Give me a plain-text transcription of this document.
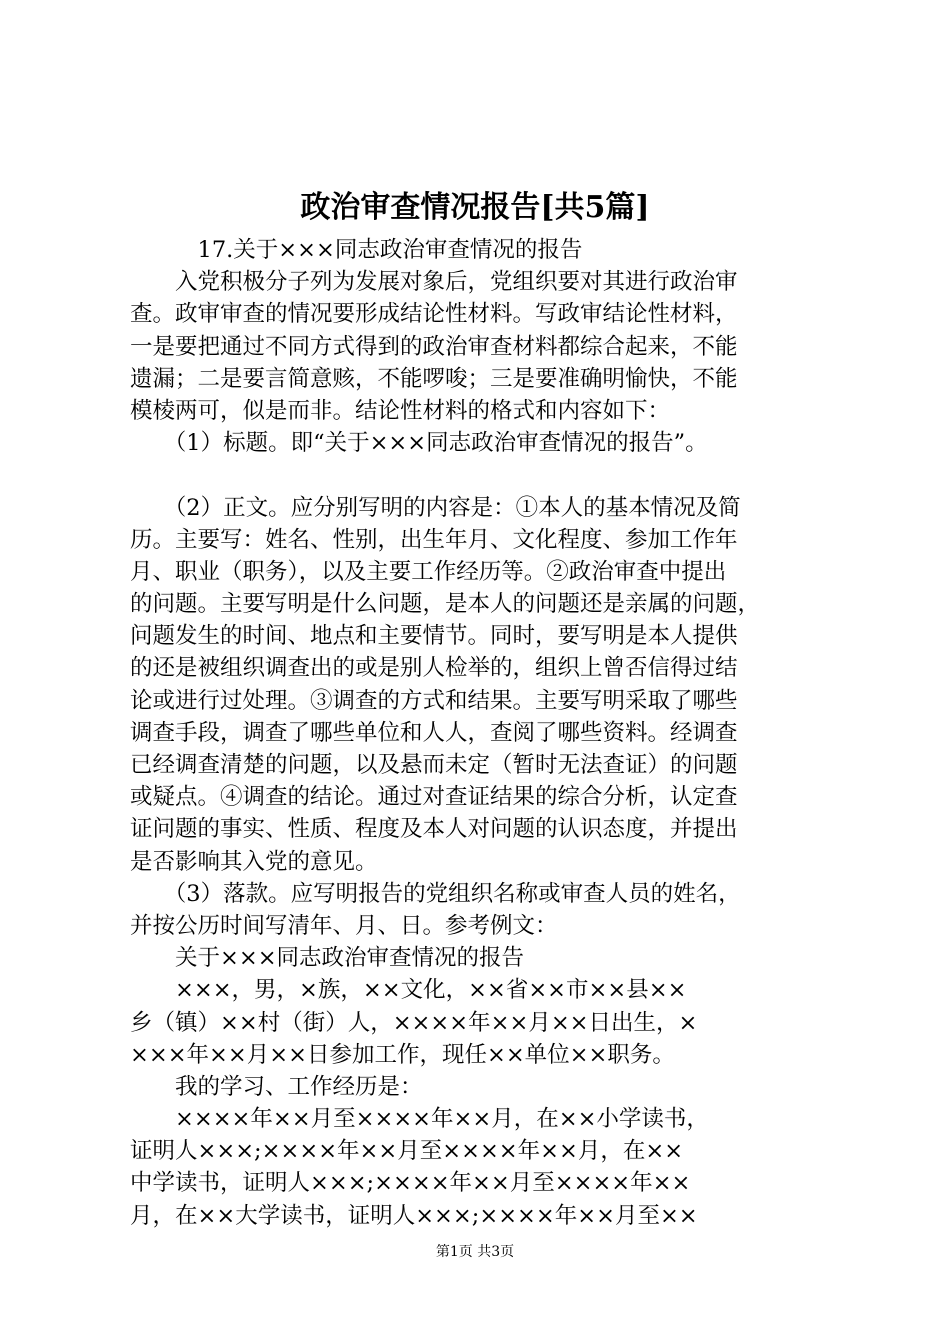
政治审查情况报告[共5篇]
　　　17.关于×××同志政治审查情况的报告
　　入党积极分子列为发展对象后，党组织要对其进行政治审
查。政审审查的情况要形成结论性材料。写政审结论性材料，
一是要把通过不同方式得到的政治审查材料都综合起来，不能
遗漏；二是要言简意赅，不能啰唆；三是要准确明愉快，不能
模棱两可，似是而非。结论性材料的格式和内容如下：
　　（1）标题。即“关于×××同志政治审查情况的报告”。
　　（2）正文。应分别写明的内容是：①本人的基本情况及简
历。主要写：姓名、性别，出生年月、文化程度、参加工作年
月、职业（职务），以及主要工作经历等。②政治审查中提出
的问题。主要写明是什么问题，是本人的问题还是亲属的问题，
问题发生的时间、地点和主要情节。同时，要写明是本人提供
的还是被组织调查出的或是别人检举的，组织上曾否信得过结
论或进行过处理。③调查的方式和结果。主要写明采取了哪些
调查手段，调查了哪些单位和人人，查阅了哪些资料。经调查
已经调查清楚的问题，以及悬而未定（暂时无法查证）的问题
或疑点。④调查的结论。通过对查证结果的综合分析，认定查
证问题的事实、性质、程度及本人对问题的认识态度，并提出
是否影响其入党的意见。
　　（3）落款。应写明报告的党组织名称或审查人员的姓名，
并按公历时间写清年、月、日。参考例文：
　　关于×××同志政治审查情况的报告
　　×××，男，×族，××文化，××省××市××县××
乡（镇）××村（街）人，××××年××月××日出生，×
×××年××月××日参加工作，现任××单位××职务。
　　我的学习、工作经历是：
　　××××年××月至××××年××月，在××小学读书，
证明人×××;××××年××月至××××年××月，在××
中学读书，证明人×××;××××年××月至××××年××
月，在××大学读书，证明人×××;××××年××月至××
第1页 共3页
